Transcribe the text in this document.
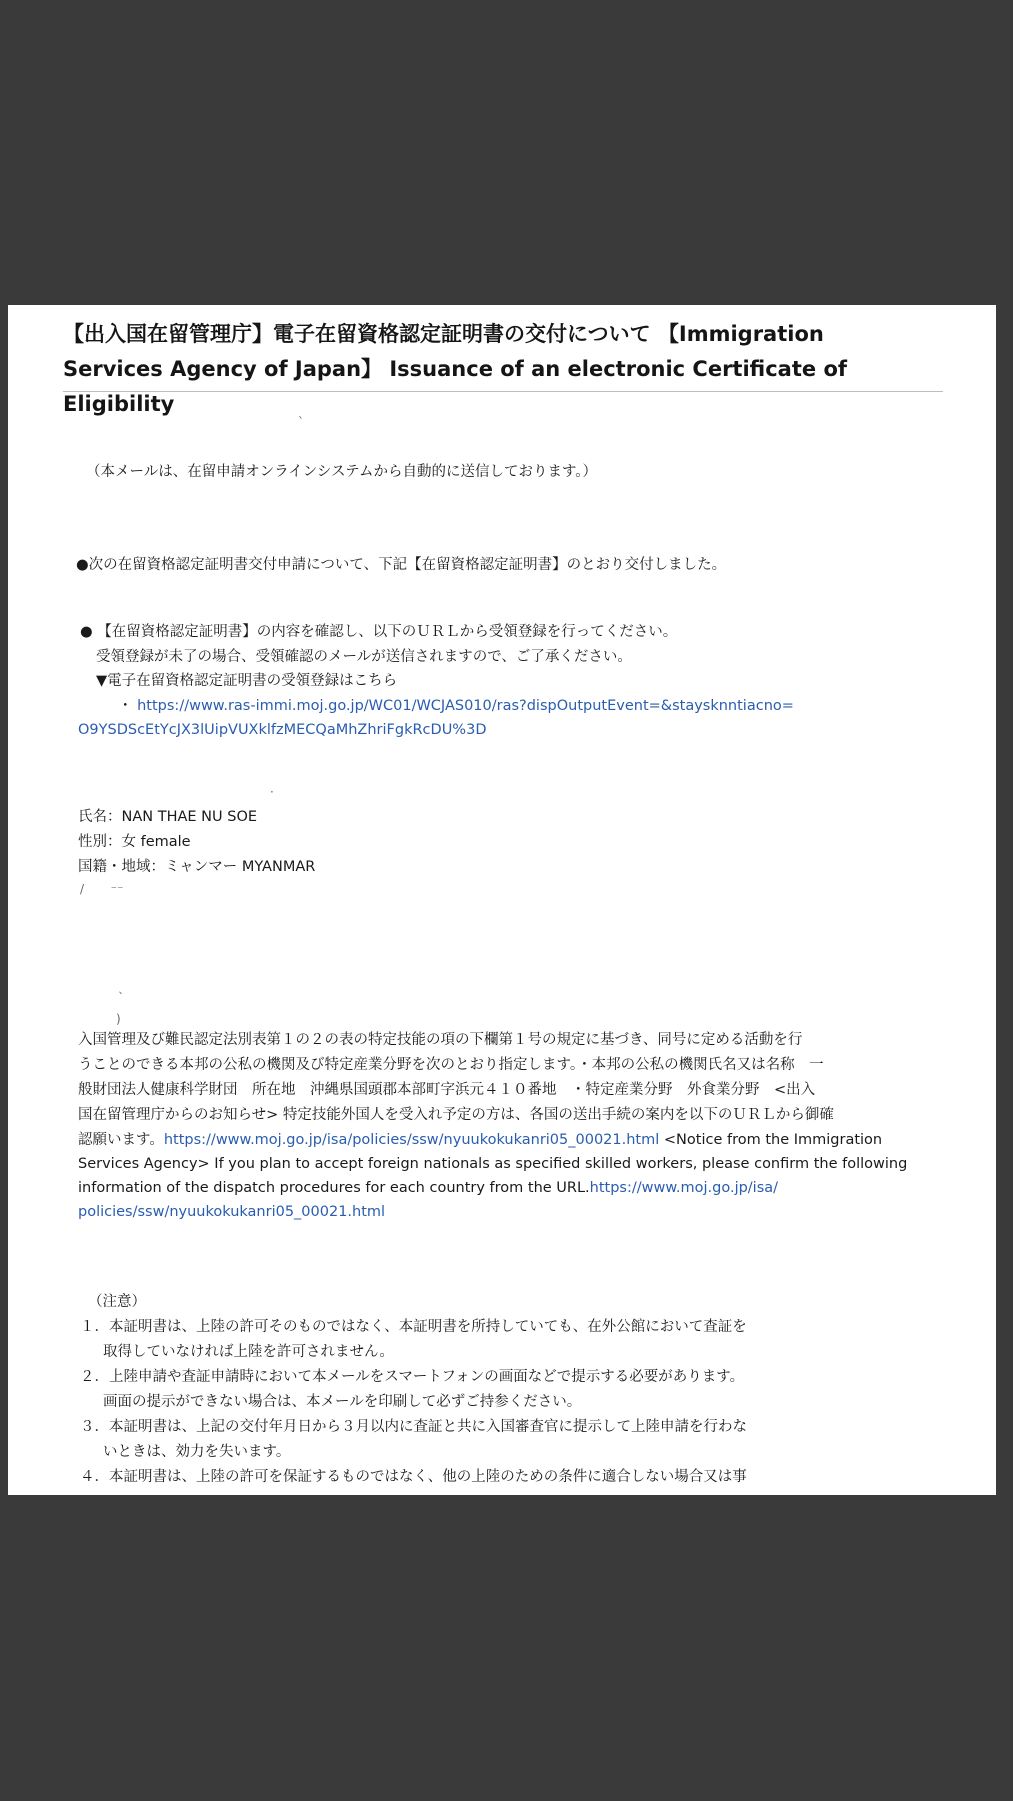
【出入国在留管理庁】電子在留資格認定証明書の交付について 【Immigration
Services Agency of Japan】 Issuance of an electronic Certificate of Eligibility
ˋ
（本メールは、在留申請オンラインシステムから自動的に送信しております。）
●次の在留資格認定証明書交付申請について、下記【在留資格認定証明書】のとおり交付しました。
● 【在留資格認定証明書】の内容を確認し、以下のＵＲＬから受領登録を行ってください。
受領登録が未了の場合、受領確認のメールが送信されますので、ご了承ください。
▼電子在留資格認定証明書の受領登録はこちら
・ https://www.ras-immi.moj.go.jp/WC01/WCJAS010/ras?dispOutputEvent=&staysknntiacno=
O9YSDScEtYcJX3lUipVUXklfzMECQaMhZhriFgkRcDU%3D
·
氏名：NAN THAE NU SOE
性別：女 female
国籍・地域：ミャンマー MYANMAR
/       ⁻⁻
ˎ
)
入国管理及び難民認定法別表第１の２の表の特定技能の項の下欄第１号の規定に基づき、同号に定める活動を行
うことのできる本邦の公私の機関及び特定産業分野を次のとおり指定します。・本邦の公私の機関氏名又は名称　一
般財団法人健康科学財団　所在地　沖縄県国頭郡本部町字浜元４１０番地　・特定産業分野　外食業分野　<出入
国在留管理庁からのお知らせ> 特定技能外国人を受入れ予定の方は、各国の送出手続の案内を以下のＵＲＬから御確
認願います。https://www.moj.go.jp/isa/policies/ssw/nyuukokukanri05_00021.html <Notice from the Immigration
Services Agency> If you plan to accept foreign nationals as specified skilled workers, please confirm the following
information of the dispatch procedures for each country from the URL.https://www.moj.go.jp/isa/
policies/ssw/nyuukokukanri05_00021.html
（注意）
１．本証明書は、上陸の許可そのものではなく、本証明書を所持していても、在外公館において査証を
取得していなければ上陸を許可されません。
２．上陸申請や査証申請時において本メールをスマートフォンの画面などで提示する必要があります。
画面の提示ができない場合は、本メールを印刷して必ずご持参ください。
３．本証明書は、上記の交付年月日から３月以内に査証と共に入国審査官に提示して上陸申請を行わな
いときは、効力を失います。
４．本証明書は、上陸の許可を保証するものではなく、他の上陸のための条件に適合しない場合又は事
